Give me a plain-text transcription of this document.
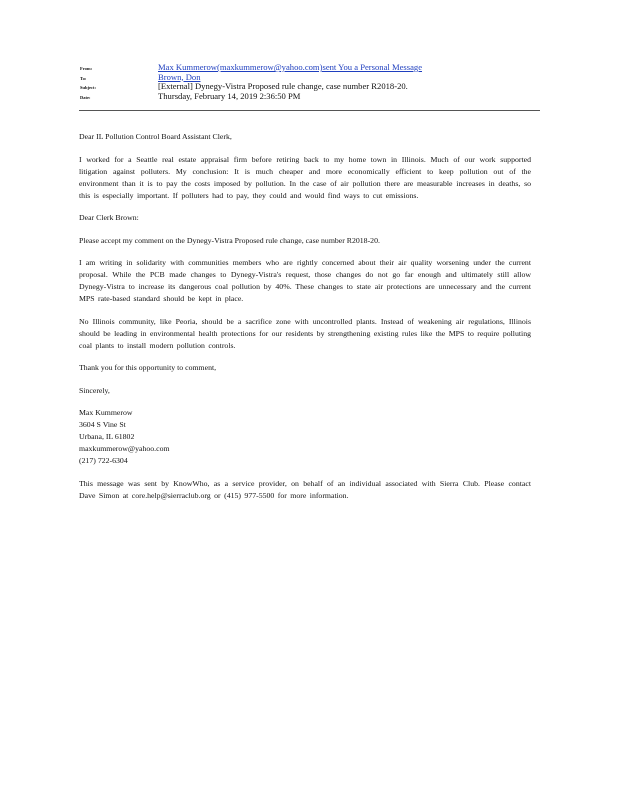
From:	Max Kummerow(maxkummerow@yahoo.com)sent You a Personal Message
To:	Brown, Don
Subject:	[External] Dynegy-Vistra Proposed rule change, case number R2018-20.
Date:	Thursday, February 14, 2019 2:36:50 PM

Dear IL Pollution Control Board Assistant Clerk,

I worked for a Seattle real estate appraisal firm before retiring back to my home town in Illinois. Much of our work supported litigation against polluters. My conclusion: It is much cheaper and more economically efficient to keep pollution out of the environment than it is to pay the costs imposed by pollution. In the case of air pollution there are measurable increases in deaths, so this is especially important. If polluters had to pay, they could and would find ways to cut emissions.

Dear Clerk Brown:

Please accept my comment on the Dynegy-Vistra Proposed rule change, case number R2018-20.

I am writing in solidarity with communities members who are rightly concerned about their air quality worsening under the current proposal. While the PCB made changes to Dynegy-Vistra's request, those changes do not go far enough and ultimately still allow Dynegy-Vistra to increase its dangerous coal pollution by 40%. These changes to state air protections are unnecessary and the current MPS rate-based standard should be kept in place.

No Illinois community, like Peoria, should be a sacrifice zone with uncontrolled plants. Instead of weakening air regulations, Illinois should be leading in environmental health protections for our residents by strengthening existing rules like the MPS to require polluting coal plants to install modern pollution controls.

Thank you for this opportunity to comment,

Sincerely,

Max Kummerow
3604 S Vine St
Urbana, IL 61802
maxkummerow@yahoo.com
(217) 722-6304

This message was sent by KnowWho, as a service provider, on behalf of an individual associated with Sierra Club. Please contact Dave Simon at core.help@sierraclub.org or (415) 977-5500 for more information.
